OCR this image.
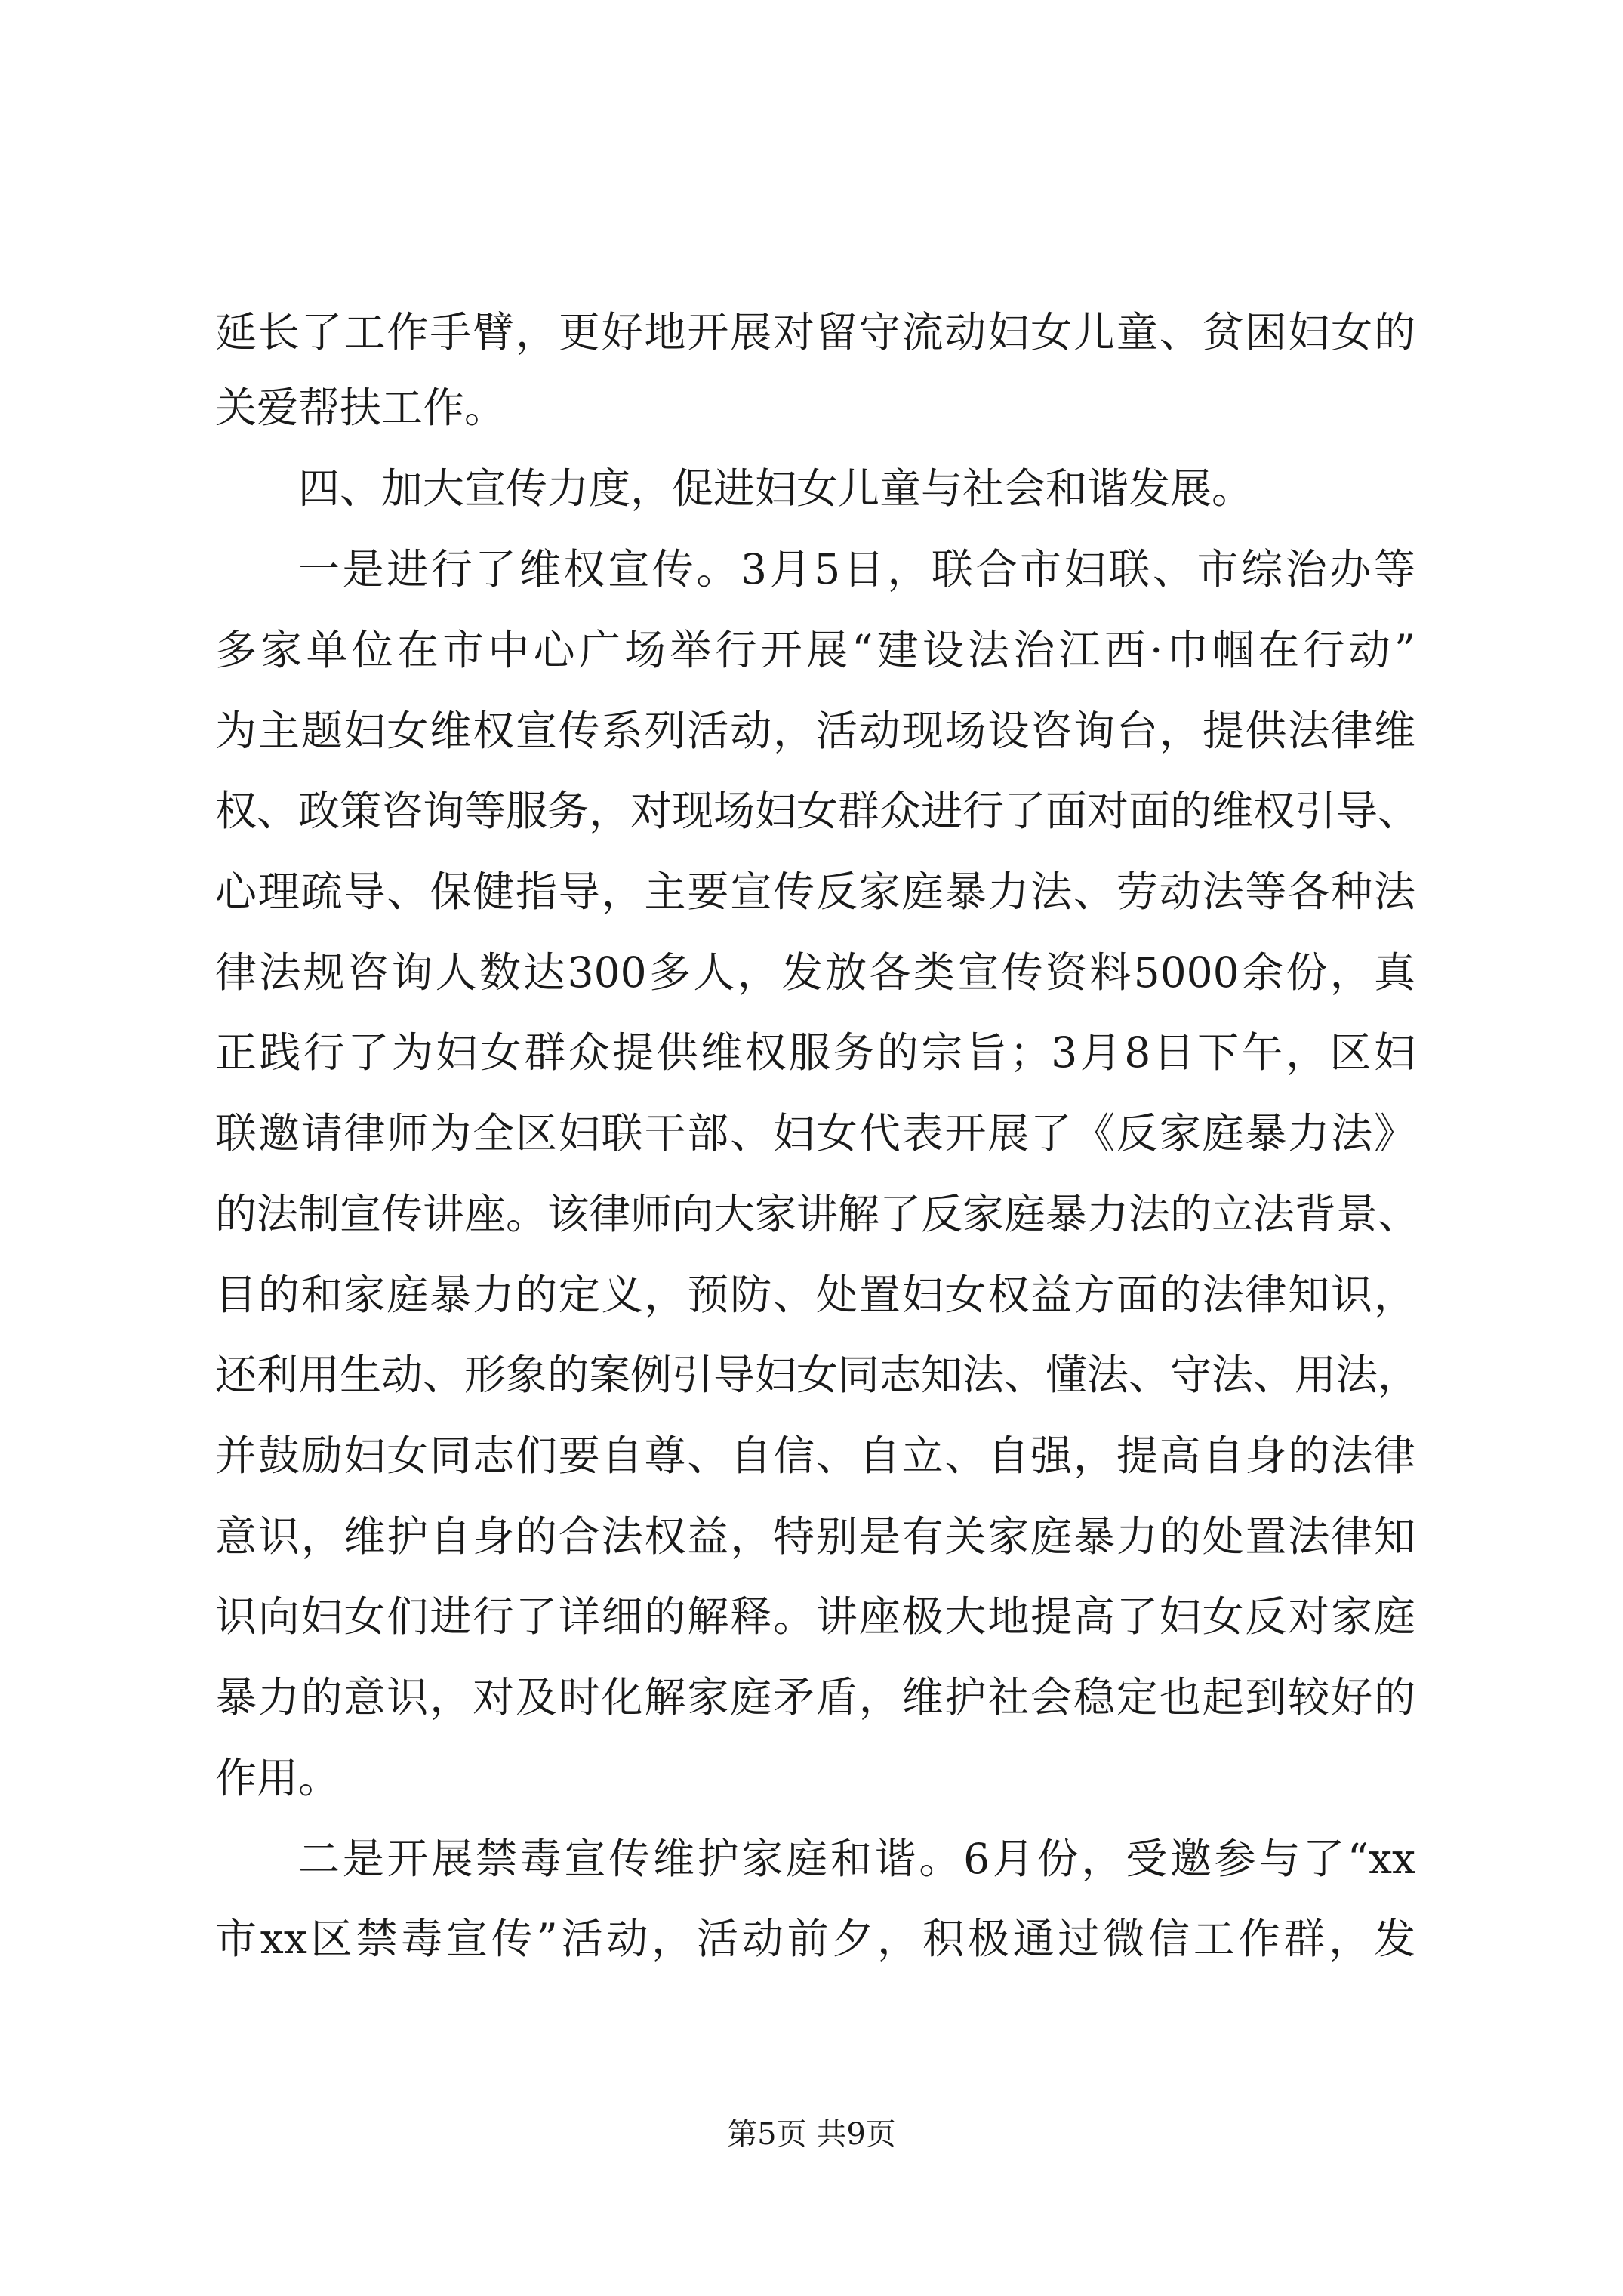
延长了工作手臂，更好地开展对留守流动妇女儿童、贫困妇女的
关爱帮扶工作。
四、加大宣传力度，促进妇女儿童与社会和谐发展。
一是进行了维权宣传。3月5日，联合市妇联、市综治办等
多家单位在市中心广场举行开展“建设法治江西·巾帼在行动”
为主题妇女维权宣传系列活动，活动现场设咨询台，提供法律维
权、政策咨询等服务，对现场妇女群众进行了面对面的维权引导、
心理疏导、保健指导，主要宣传反家庭暴力法、劳动法等各种法
律法规咨询人数达300多人，发放各类宣传资料5000余份，真
正践行了为妇女群众提供维权服务的宗旨；3月8日下午，区妇
联邀请律师为全区妇联干部、妇女代表开展了《反家庭暴力法》
的法制宣传讲座。该律师向大家讲解了反家庭暴力法的立法背景、
目的和家庭暴力的定义，预防、处置妇女权益方面的法律知识，
还利用生动、形象的案例引导妇女同志知法、懂法、守法、用法，
并鼓励妇女同志们要自尊、自信、自立、自强，提高自身的法律
意识，维护自身的合法权益，特别是有关家庭暴力的处置法律知
识向妇女们进行了详细的解释。讲座极大地提高了妇女反对家庭
暴力的意识，对及时化解家庭矛盾，维护社会稳定也起到较好的
作用。
二是开展禁毒宣传维护家庭和谐。6月份，受邀参与了“xx
市xx区禁毒宣传”活动，活动前夕，积极通过微信工作群，发
第5页 共9页
